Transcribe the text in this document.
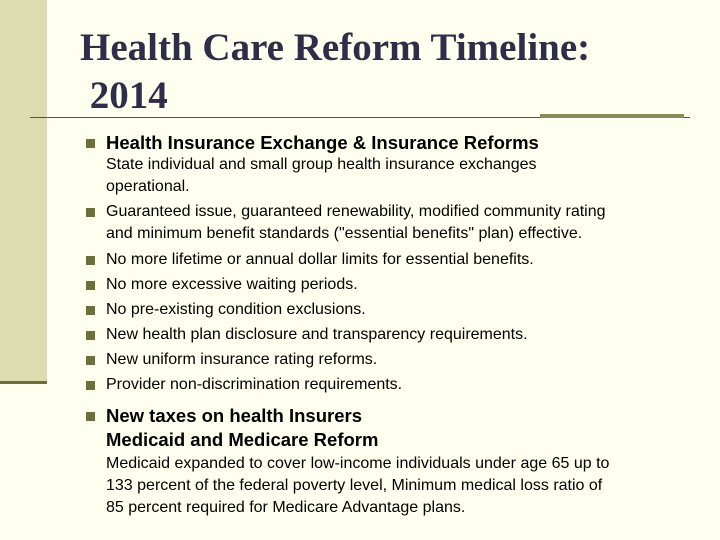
Health Care Reform Timeline:
2014
Health Insurance Exchange & Insurance Reforms
State individual and small group health insurance exchanges
operational.
Guaranteed issue, guaranteed renewability, modified community rating
and minimum benefit standards ("essential benefits" plan) effective.
No more lifetime or annual dollar limits for essential benefits.
No more excessive waiting periods.
No pre-existing condition exclusions.
New health plan disclosure and transparency requirements.
New uniform insurance rating reforms.
Provider non-discrimination requirements.
New taxes on health Insurers
Medicaid and Medicare Reform
Medicaid expanded to cover low-income individuals under age 65 up to
133 percent of the federal poverty level, Minimum medical loss ratio of
85 percent required for Medicare Advantage plans.
